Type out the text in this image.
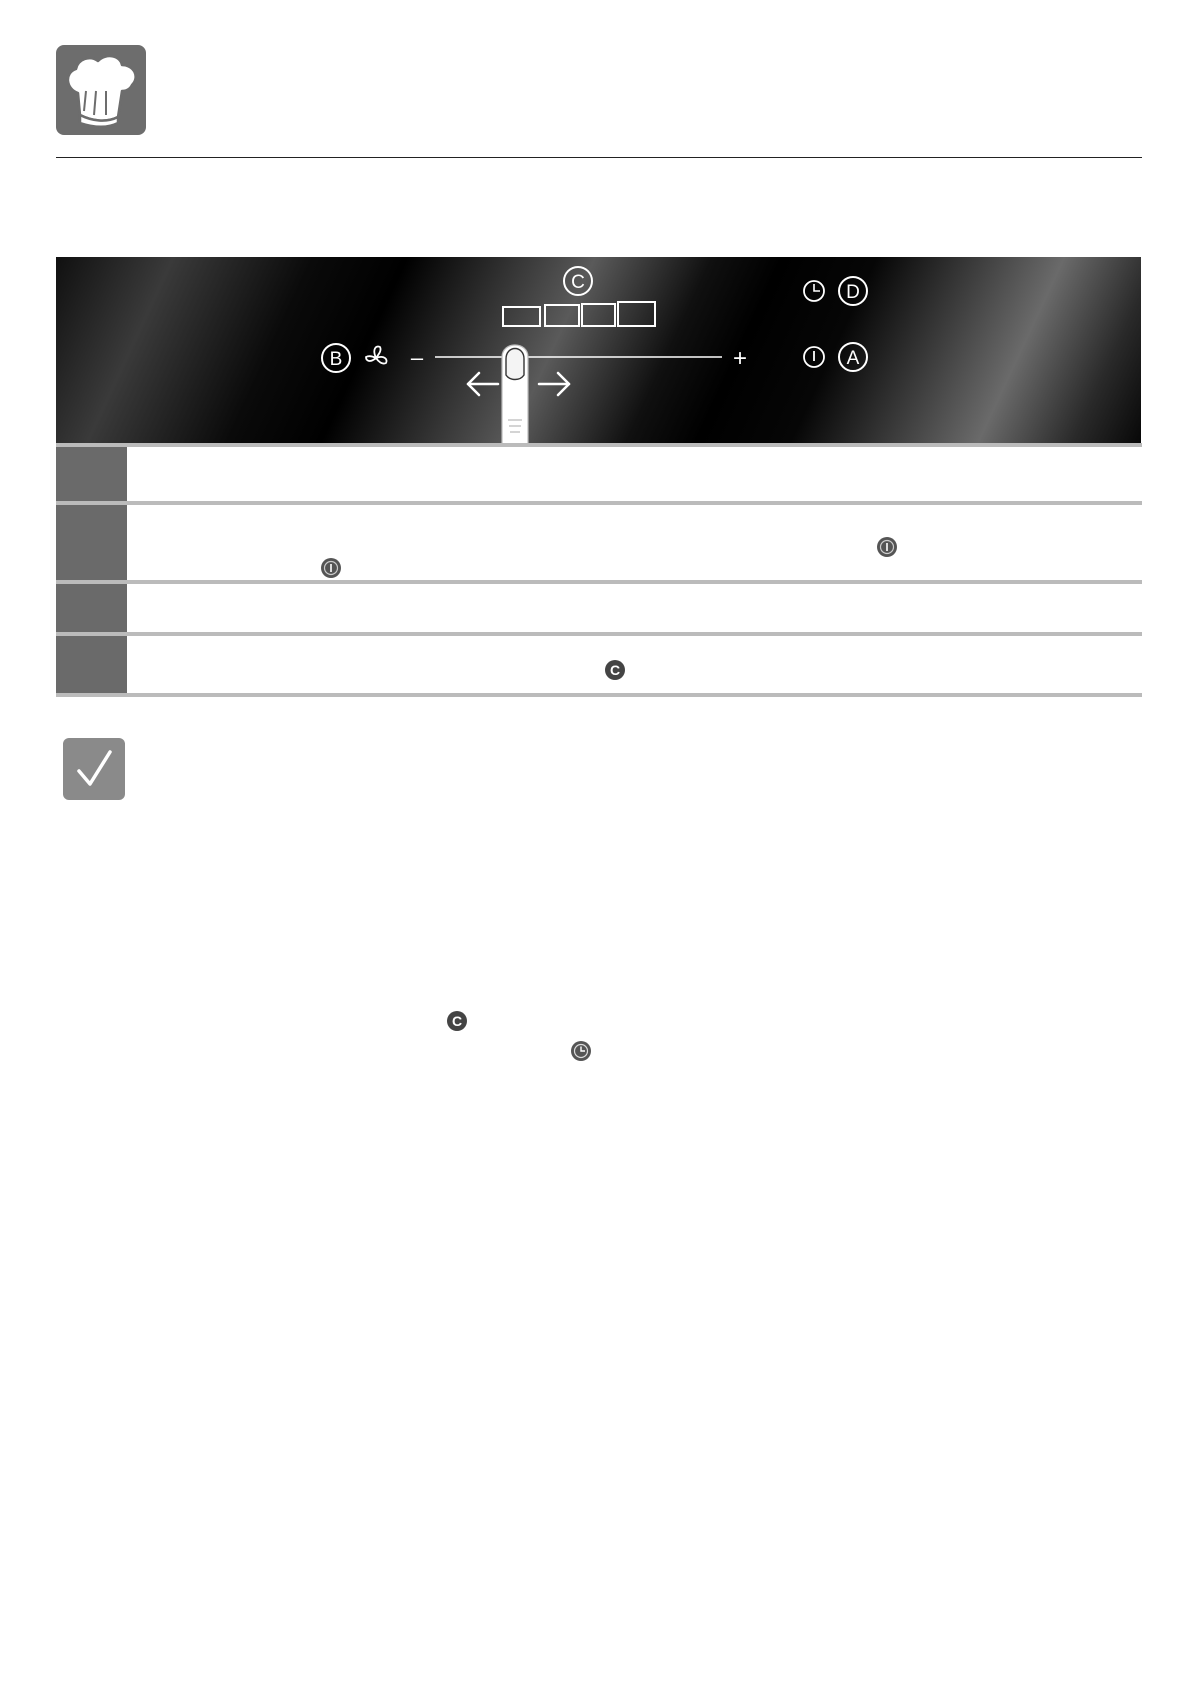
C	D
A
B	–	+
C
C
